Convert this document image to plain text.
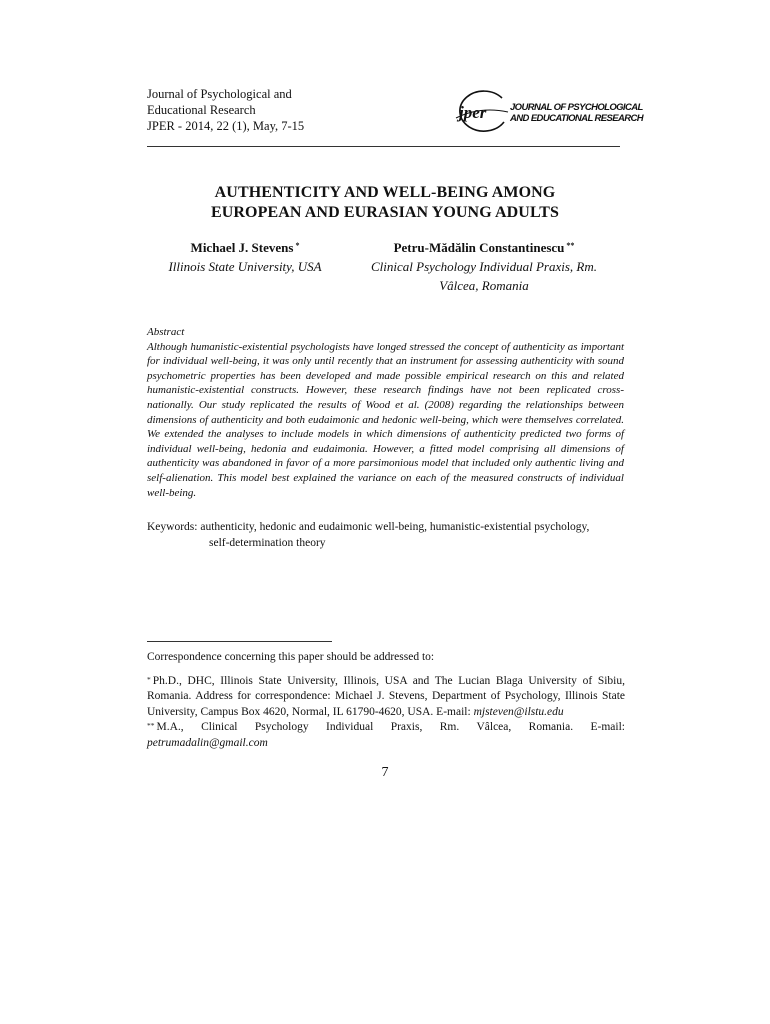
Journal of Psychological and
Educational Research
JPER - 2014, 22 (1), May, 7-15
jper JOURNAL OF PSYCHOLOGICAL
AND EDUCATIONAL RESEARCH
AUTHENTICITY AND WELL-BEING AMONG
EUROPEAN AND EURASIAN YOUNG ADULTS
Michael J. Stevens *
Illinois State University, USA
Petru-Mădălin Constantinescu **
Clinical Psychology Individual Praxis, Rm.
Vâlcea, Romania
Abstract
Although humanistic-existential psychologists have longed stressed the concept of authenticity as important for individual well-being, it was only until recently that an instrument for assessing authenticity with sound psychometric properties has been developed and made possible empirical research on this and related humanistic-existential constructs. However, these research findings have not been replicated cross-nationally. Our study replicated the results of Wood et al. (2008) regarding the relationships between dimensions of authenticity and both eudaimonic and hedonic well-being, which were themselves correlated. We extended the analyses to include models in which dimensions of authenticity predicted two forms of individual well-being, hedonia and eudaimonia. However, a fitted model comprising all dimensions of authenticity was abandoned in favor of a more parsimonious model that included only authentic living and self-alienation. This model best explained the variance on each of the measured constructs of individual well-being.
Keywords: authenticity, hedonic and eudaimonic well-being, humanistic-existential psychology,
self-determination theory
Correspondence concerning this paper should be addressed to:
* Ph.D., DHC, Illinois State University, Illinois, USA and The Lucian Blaga University of Sibiu, Romania. Address for correspondence: Michael J. Stevens, Department of Psychology, Illinois State University, Campus Box 4620, Normal, IL 61790-4620, USA. E-mail: mjsteven@ilstu.edu
** M.A., Clinical Psychology Individual Praxis, Rm. Vâlcea, Romania. E-mail: petrumadalin@gmail.com
7
